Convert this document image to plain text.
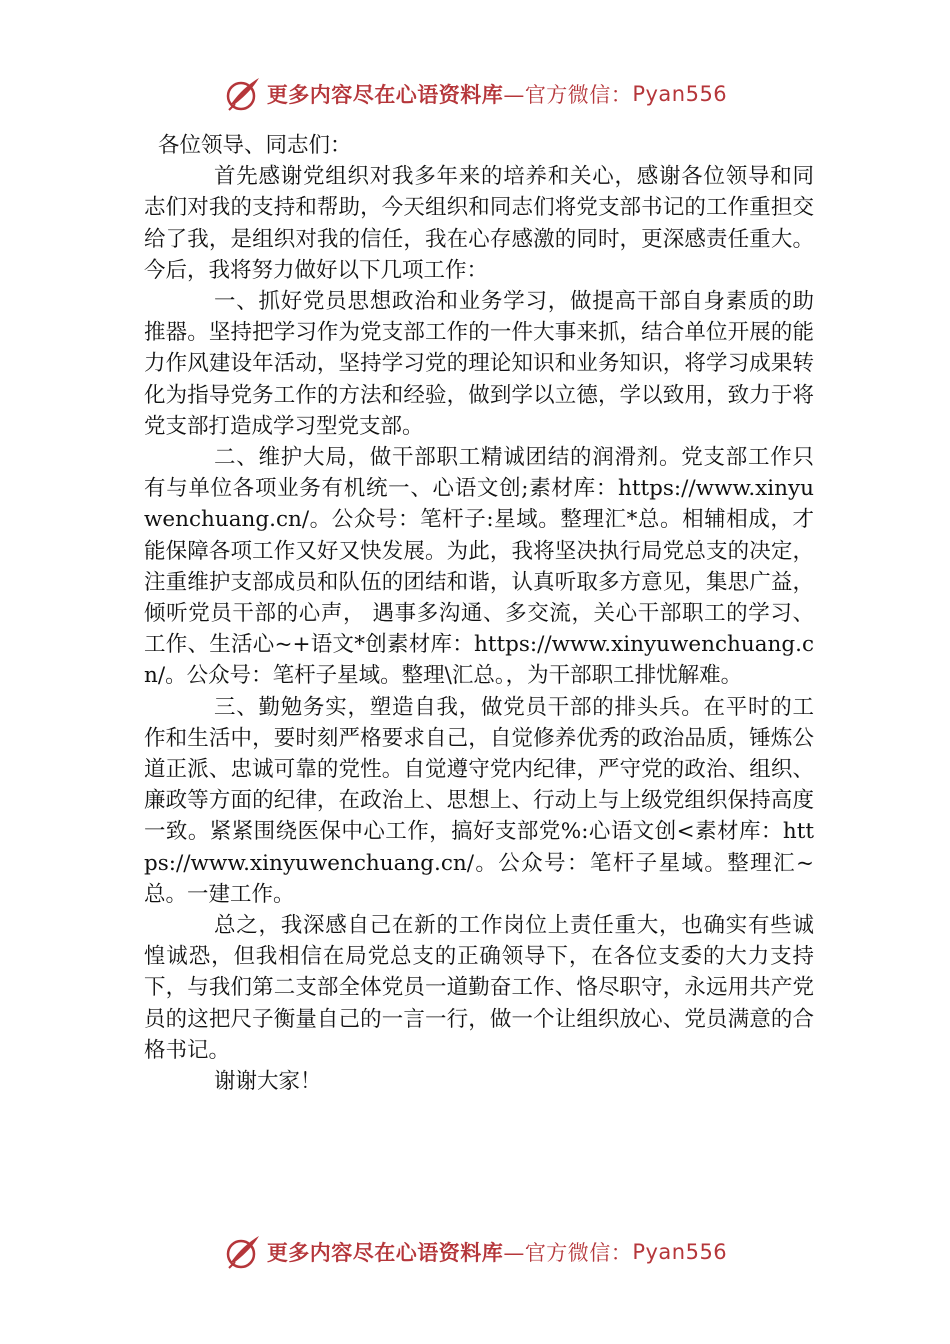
更多内容尽在心语资料库 —官方微信： Pyan556

各位领导、同志们：

首先感谢党组织对我多年来的培养和关心，感谢各位领导和同志们对我的支持和帮助，今天组织和同志们将党支部书记的工作重担交给了我，是组织对我的信任，我在心存感激的同时，更深感责任重大。今后，我将努力做好以下几项工作：

一、抓好党员思想政治和业务学习，做提高干部自身素质的助推器。坚持把学习作为党支部工作的一件大事来抓，结合单位开展的能力作风建设年活动，坚持学习党的理论知识和业务知识，将学习成果转化为指导党务工作的方法和经验，做到学以立德，学以致用，致力于将党支部打造成学习型党支部。

二、维护大局，做干部职工精诚团结的润滑剂。党支部工作只有与单位各项业务有机统一、心语文创;素材库：https://www.xinyuwenchuang.cn/。公众号：笔杆子:星域。整理汇*总。相辅相成，才能保障各项工作又好又快发展。为此，我将坚决执行局党总支的决定，注重维护支部成员和队伍的团结和谐，认真听取多方意见，集思广益，倾听党员干部的心声， 遇事多沟通、多交流，关心干部职工的学习、工作、生活心~+语文*创素材库：https://www.xinyuwenchuang.cn/。公众号：笔杆子星域。整理\汇总。，为干部职工排忧解难。

三、勤勉务实，塑造自我，做党员干部的排头兵。在平时的工作和生活中，要时刻严格要求自己，自觉修养优秀的政治品质，锤炼公道正派、忠诚可靠的党性。自觉遵守党内纪律，严守党的政治、组织、廉政等方面的纪律，在政治上、思想上、行动上与上级党组织保持高度一致。紧紧围绕医保中心工作，搞好支部党%:心语文创<素材库：https://www.xinyuwenchuang.cn/。公众号：笔杆子星域。整理汇~总。一建工作。

总之，我深感自己在新的工作岗位上责任重大，也确实有些诚惶诚恐，但我相信在局党总支的正确领导下，在各位支委的大力支持下，与我们第二支部全体党员一道勤奋工作、恪尽职守，永远用共产党员的这把尺子衡量自己的一言一行，做一个让组织放心、党员满意的合格书记。

谢谢大家！

更多内容尽在心语资料库 —官方微信： Pyan556
